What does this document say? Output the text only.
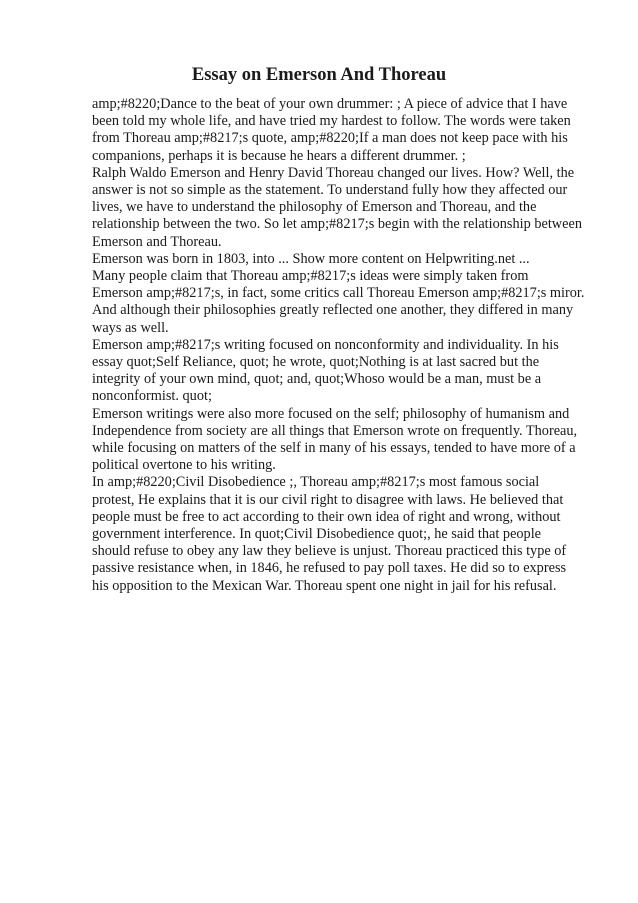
Essay on Emerson And Thoreau
amp;#8220;Dance to the beat of your own drummer: ; A piece of advice that I have
been told my whole life, and have tried my hardest to follow. The words were taken
from Thoreau amp;#8217;s quote, amp;#8220;If a man does not keep pace with his
companions, perhaps it is because he hears a different drummer. ;
Ralph Waldo Emerson and Henry David Thoreau changed our lives. How? Well, the
answer is not so simple as the statement. To understand fully how they affected our
lives, we have to understand the philosophy of Emerson and Thoreau, and the
relationship between the two. So let amp;#8217;s begin with the relationship between
Emerson and Thoreau.
Emerson was born in 1803, into ... Show more content on Helpwriting.net ...
Many people claim that Thoreau amp;#8217;s ideas were simply taken from
Emerson amp;#8217;s, in fact, some critics call Thoreau Emerson amp;#8217;s miror.
And although their philosophies greatly reflected one another, they differed in many
ways as well.
Emerson amp;#8217;s writing focused on nonconformity and individuality. In his
essay quot;Self Reliance, quot; he wrote, quot;Nothing is at last sacred but the
integrity of your own mind, quot; and, quot;Whoso would be a man, must be a
nonconformist. quot;
Emerson writings were also more focused on the self; philosophy of humanism and
Independence from society are all things that Emerson wrote on frequently. Thoreau,
while focusing on matters of the self in many of his essays, tended to have more of a
political overtone to his writing.
In amp;#8220;Civil Disobedience ;, Thoreau amp;#8217;s most famous social
protest, He explains that it is our civil right to disagree with laws. He believed that
people must be free to act according to their own idea of right and wrong, without
government interference. In quot;Civil Disobedience quot;, he said that people
should refuse to obey any law they believe is unjust. Thoreau practiced this type of
passive resistance when, in 1846, he refused to pay poll taxes. He did so to express
his opposition to the Mexican War. Thoreau spent one night in jail for his refusal.
